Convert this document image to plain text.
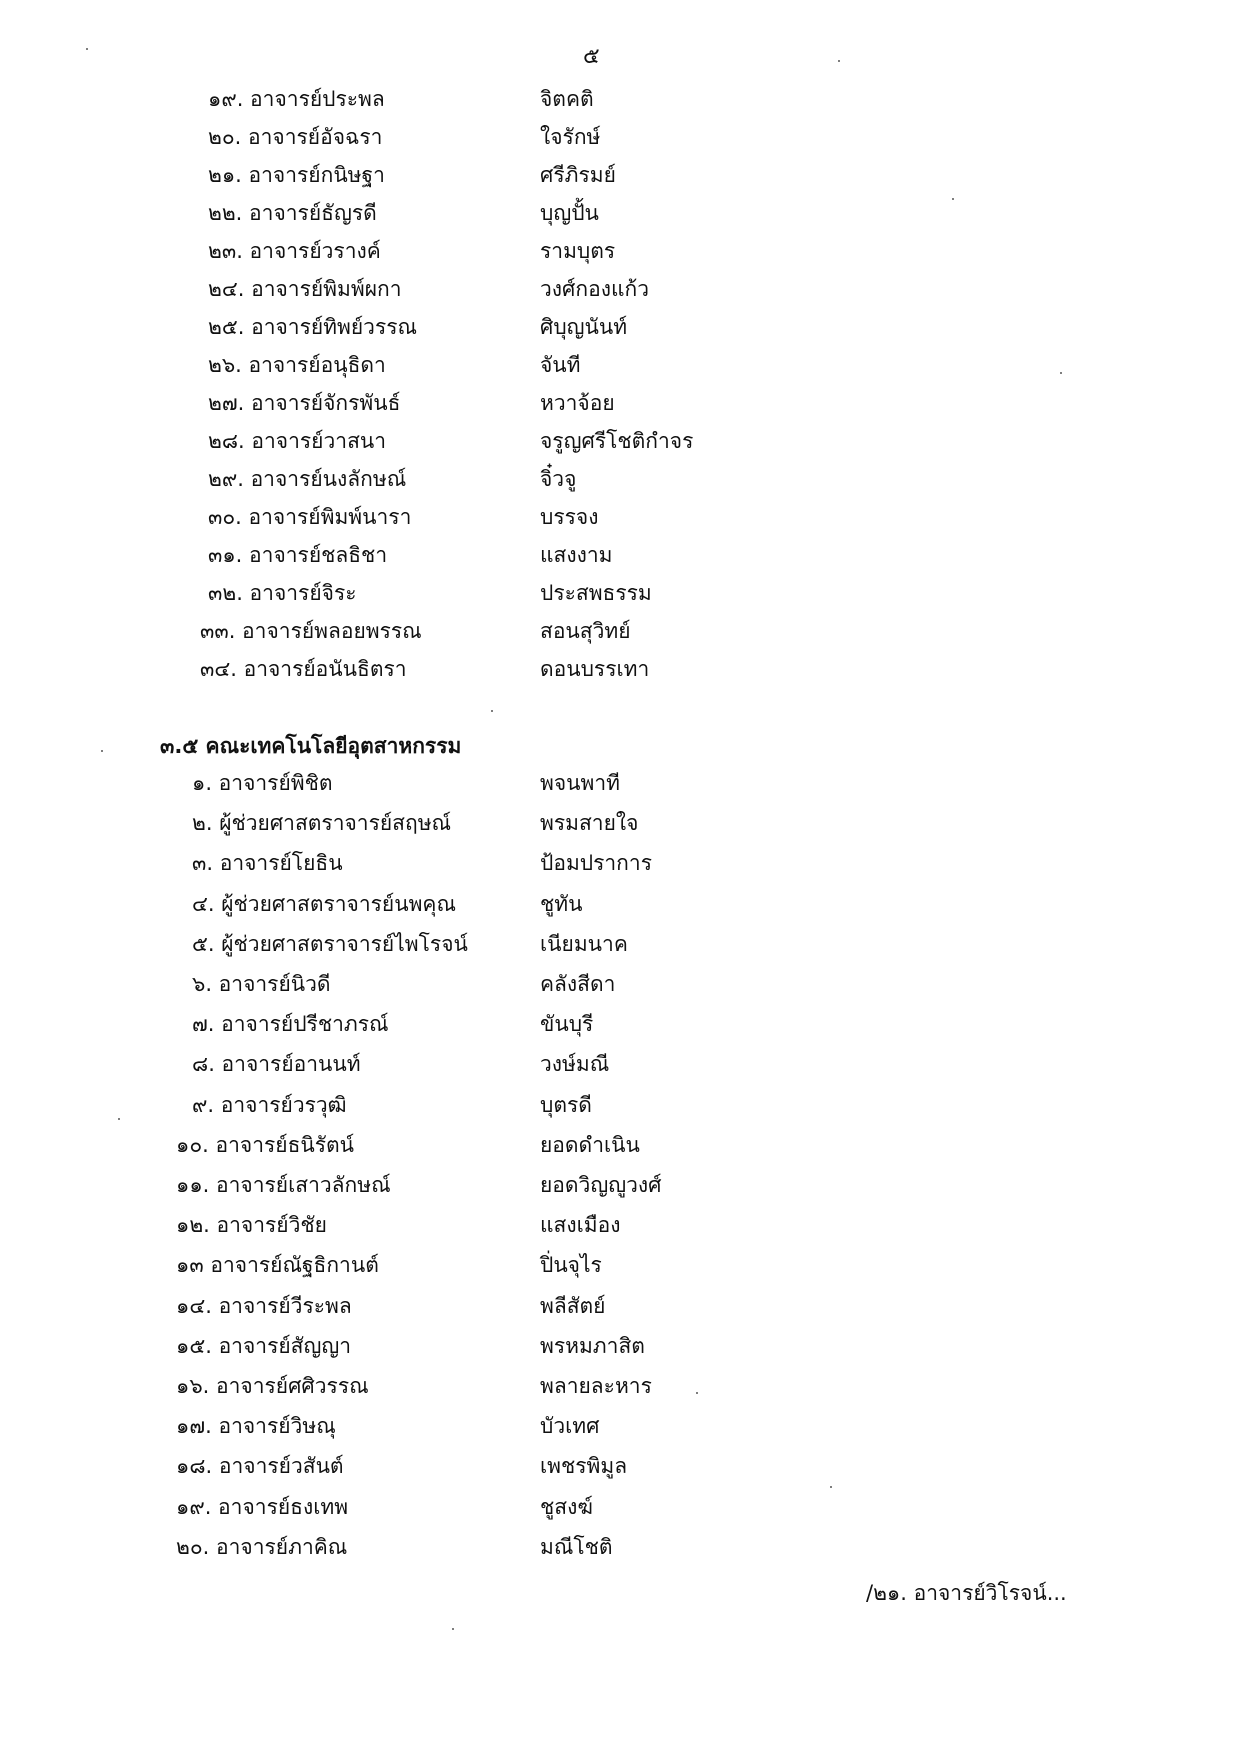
๕
๑๙. อาจารย์ประพล	จิตคติ
๒๐. อาจารย์อัจฉรา	ใจรักษ์
๒๑. อาจารย์กนิษฐา	ศรีภิรมย์
๒๒. อาจารย์ธัญรดี	บุญปั้น
๒๓. อาจารย์วรางค์	รามบุตร
๒๔. อาจารย์พิมพ์ผกา	วงศ์กองแก้ว
๒๕. อาจารย์ทิพย์วรรณ	ศิบุญนันท์
๒๖. อาจารย์อนุธิดา	จันที
๒๗. อาจารย์จักรพันธ์	หวาจ้อย
๒๘. อาจารย์วาสนา	จรูญศรีโชติกำจร
๒๙. อาจารย์นงลักษณ์	จิ๋วจู
๓๐. อาจารย์พิมพ์นารา	บรรจง
๓๑. อาจารย์ชลธิชา	แสงงาม
๓๒. อาจารย์จิระ	ประสพธรรม
๓๓. อาจารย์พลอยพรรณ	สอนสุวิทย์
๓๔. อาจารย์อนันธิตรา	ดอนบรรเทา
๓.๕ คณะเทคโนโลยีอุตสาหกรรม
๑. อาจารย์พิชิต	พจนพาที
๒. ผู้ช่วยศาสตราจารย์สฤษณ์	พรมสายใจ
๓. อาจารย์โยธิน	ป้อมปราการ
๔. ผู้ช่วยศาสตราจารย์นพคุณ	ชูทัน
๕. ผู้ช่วยศาสตราจารย์ไพโรจน์	เนียมนาค
๖. อาจารย์นิวดี	คลังสีดา
๗. อาจารย์ปรีชาภรณ์	ขันบุรี
๘. อาจารย์อานนท์	วงษ์มณี
๙. อาจารย์วรวุฒิ	บุตรดี
๑๐. อาจารย์ธนิรัตน์	ยอดดำเนิน
๑๑. อาจารย์เสาวลักษณ์	ยอดวิญญูวงศ์
๑๒. อาจารย์วิชัย	แสงเมือง
๑๓ อาจารย์ณัฐธิกานต์	ปิ่นจุไร
๑๔. อาจารย์วีระพล	พลีสัตย์
๑๕. อาจารย์สัญญา	พรหมภาสิต
๑๖. อาจารย์ศศิวรรณ	พลายละหาร
๑๗. อาจารย์วิษณุ	บัวเทศ
๑๘. อาจารย์วสันต์	เพชรพิมูล
๑๙. อาจารย์ธงเทพ	ชูสงฆ์
๒๐. อาจารย์ภาคิณ	มณีโชติ
/๒๑. อาจารย์วิโรจน์...
